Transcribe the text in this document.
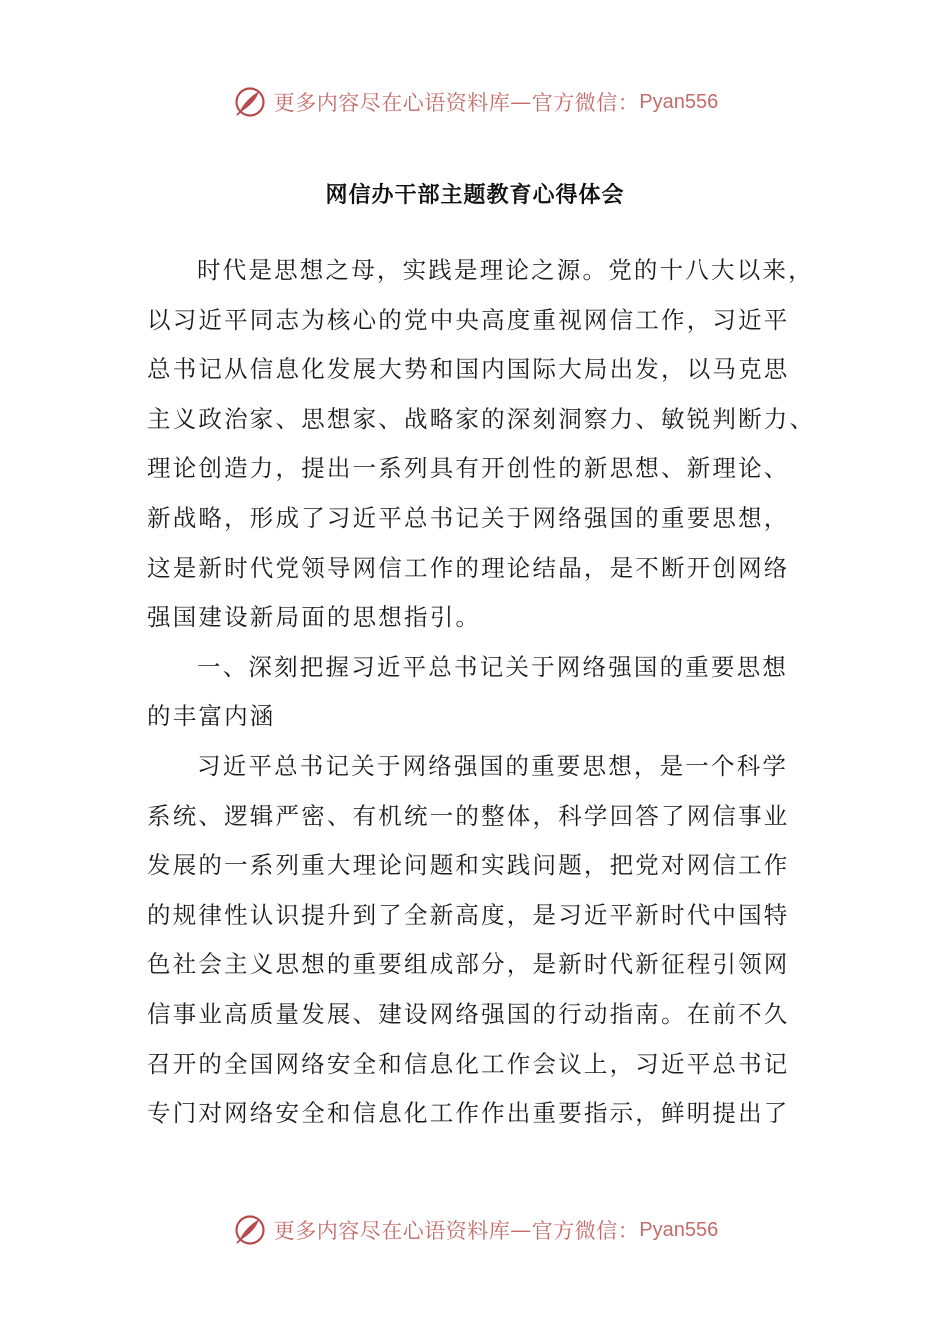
更多内容尽在心语资料库 — 官方微信： Pyan556
网信办干部主题教育心得体会
时代是思想之母，实践是理论之源。党的十八大以来，
以习近平同志为核心的党中央高度重视网信工作，习近平
总书记从信息化发展大势和国内国际大局出发，以马克思
主义政治家、思想家、战略家的深刻洞察力、敏锐判断力、
理论创造力，提出一系列具有开创性的新思想、新理论、
新战略，形成了习近平总书记关于网络强国的重要思想，
这是新时代党领导网信工作的理论结晶，是不断开创网络
强国建设新局面的思想指引。
一、深刻把握习近平总书记关于网络强国的重要思想
的丰富内涵
习近平总书记关于网络强国的重要思想，是一个科学
系统、逻辑严密、有机统一的整体，科学回答了网信事业
发展的一系列重大理论问题和实践问题，把党对网信工作
的规律性认识提升到了全新高度，是习近平新时代中国特
色社会主义思想的重要组成部分，是新时代新征程引领网
信事业高质量发展、建设网络强国的行动指南。在前不久
召开的全国网络安全和信息化工作会议上，习近平总书记
专门对网络安全和信息化工作作出重要指示，鲜明提出了
更多内容尽在心语资料库 — 官方微信： Pyan556
